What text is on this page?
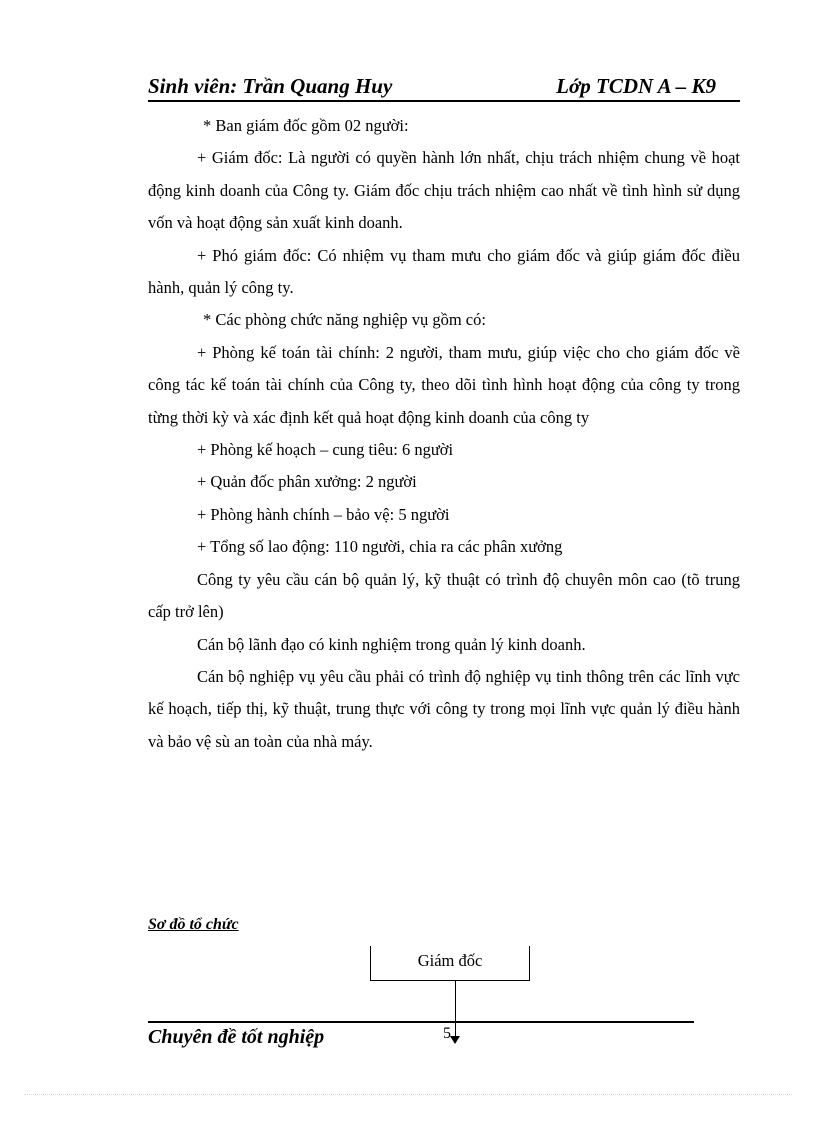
Sinh viên: Trần Quang Huy	Lớp TCDN A – K9

* Ban giám đốc gồm 02 người:

+ Giám đốc: Là người có quyền hành lớn nhất, chịu trách nhiệm chung về hoạt động kinh doanh của Công ty. Giám đốc chịu trách nhiệm cao nhất về tình hình sử dụng vốn và hoạt động sản xuất kinh doanh.

+ Phó giám đốc: Có nhiệm vụ tham mưu cho giám đốc và giúp giám đốc điều hành, quản lý công ty.

* Các phòng chức năng nghiệp vụ gồm có:

+ Phòng kế toán tài chính: 2 người, tham mưu, giúp việc cho cho giám đốc về công tác kế toán tài chính của Công ty, theo dõi tình hình hoạt động của công ty trong từng thời kỳ và xác định kết quả hoạt động kinh doanh của công ty

+ Phòng kế hoạch – cung tiêu: 6 người

+ Quản đốc phân xưởng: 2 người

+ Phòng hành chính – bảo vệ: 5 người

+ Tổng số lao động: 110 người, chia ra các phân xưởng

Công ty yêu cầu cán bộ quản lý, kỹ thuật có trình độ chuyên môn cao (tõ trung cấp trở lên)

Cán bộ lãnh đạo có kinh nghiệm trong quản lý kinh doanh.

Cán bộ nghiệp vụ yêu cầu phải có trình độ nghiệp vụ tinh thông trên các lĩnh vực kế hoạch, tiếp thị, kỹ thuật, trung thực với công ty trong mọi lĩnh vực quản lý điều hành và bảo vệ sù an toàn của nhà máy.

Sơ đồ tổ chức
Giám đốc
Chuyên đề tốt nghiệp	5
